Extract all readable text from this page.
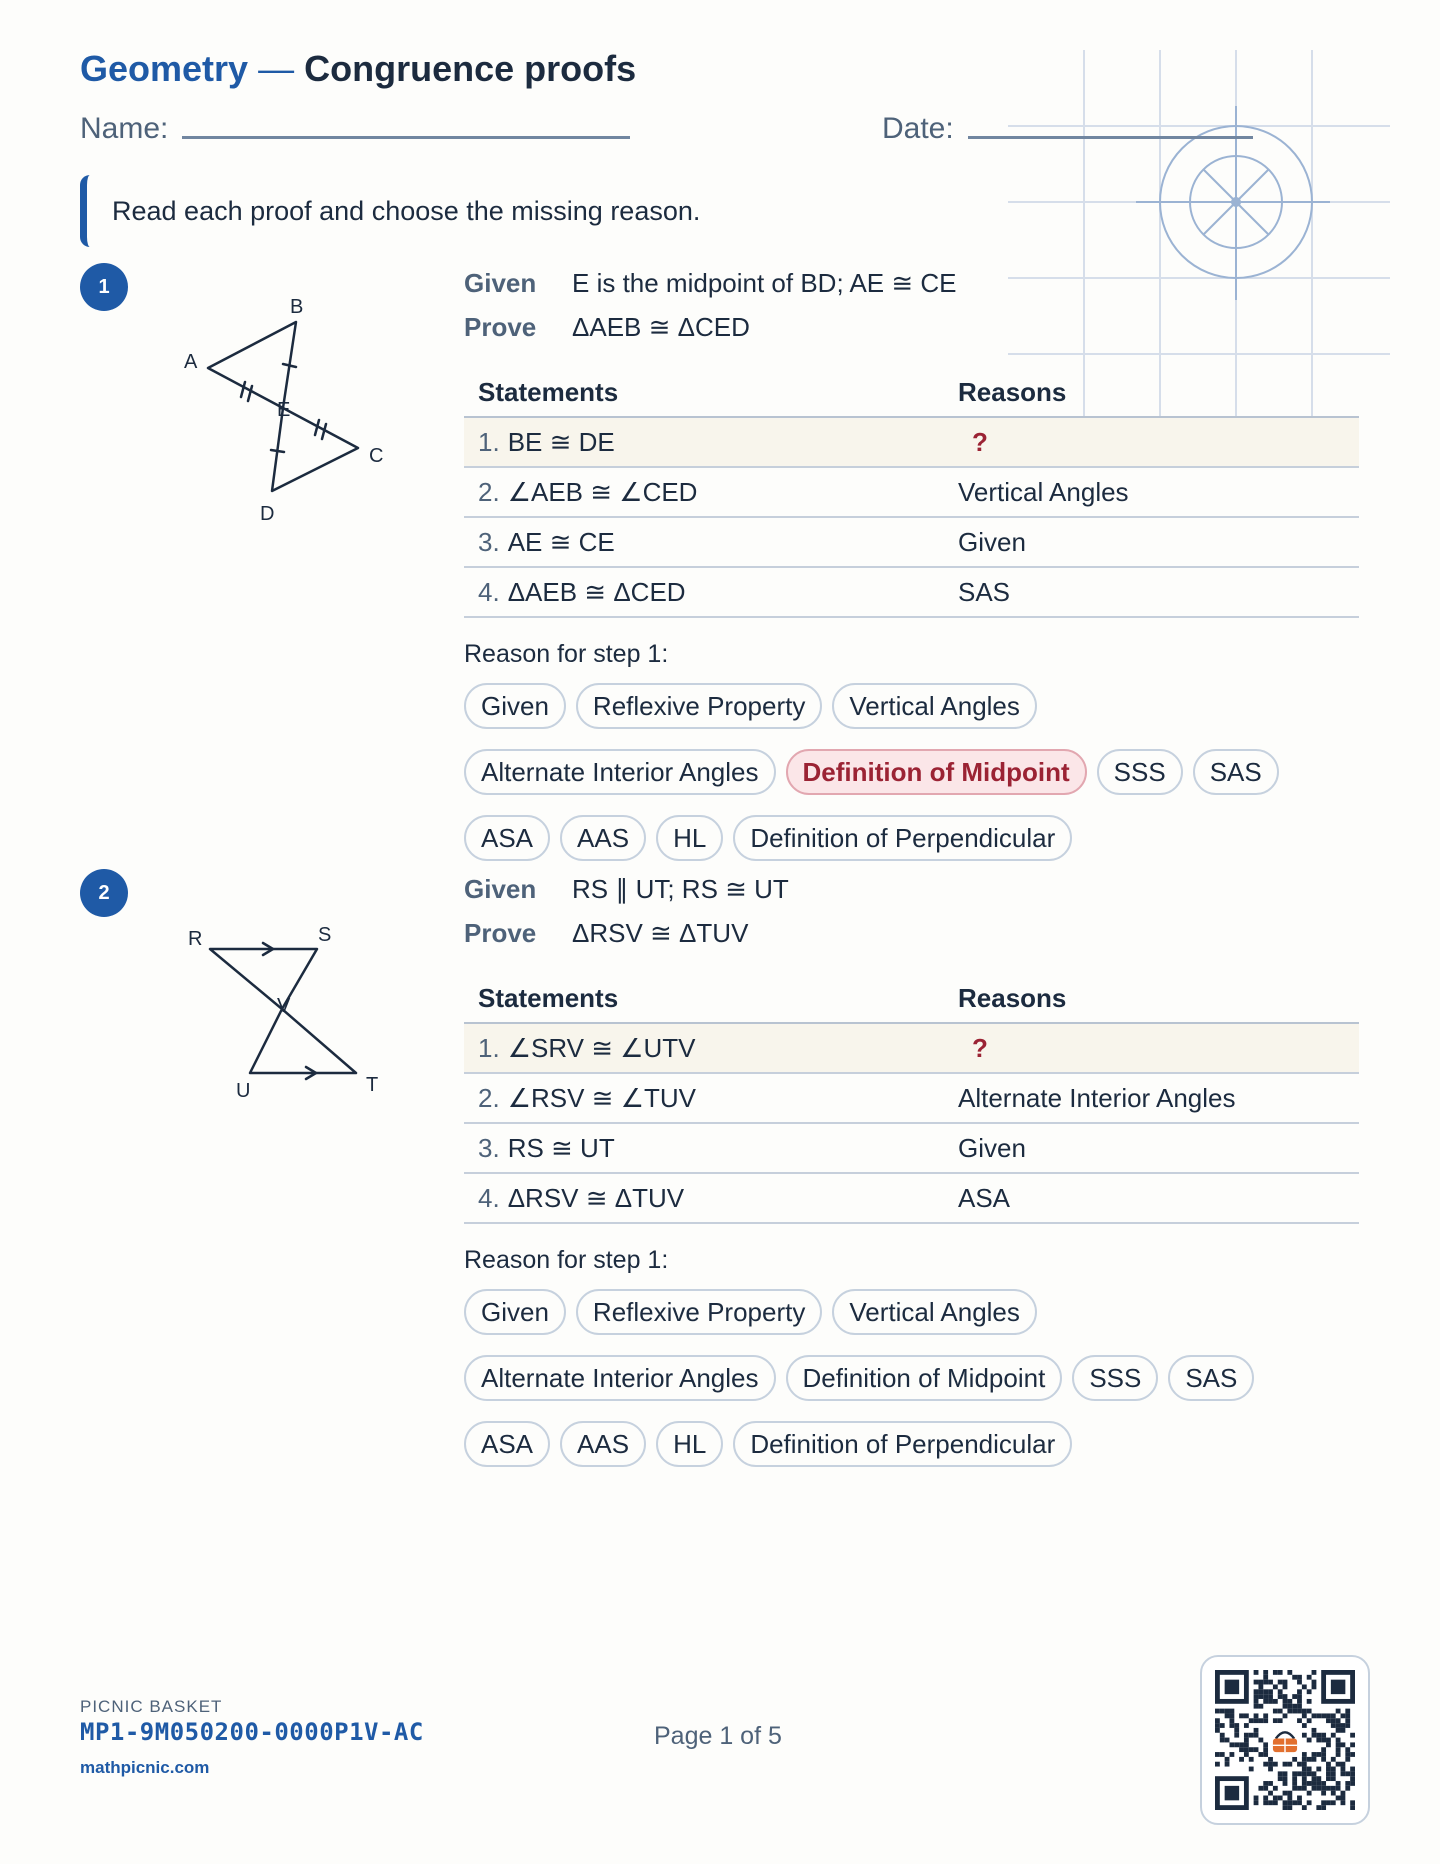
Geometry — Congruence proofs
Name:	Date:
Read each proof and choose the missing reason.
1
A
B
C
D
E
Given	E is the midpoint of BD; AE ≅ CE
Prove	ΔAEB ≅ ΔCED
Statements	Reasons
1. BE ≅ DE	?
2. ∠AEB ≅ ∠CED	Vertical Angles
3. AE ≅ CE	Given
4. ΔAEB ≅ ΔCED	SAS
Reason for step 1:
Given	Reflexive Property	Vertical Angles
Alternate Interior Angles	Definition of Midpoint	SSS	SAS
ASA	AAS	HL	Definition of Perpendicular
2
R	S
U	T
V
Given	RS ∥ UT; RS ≅ UT
Prove	ΔRSV ≅ ΔTUV
Statements	Reasons
1. ∠SRV ≅ ∠UTV	?
2. ∠RSV ≅ ∠TUV	Alternate Interior Angles
3. RS ≅ UT	Given
4. ΔRSV ≅ ΔTUV	ASA
Reason for step 1:
Given	Reflexive Property	Vertical Angles
Alternate Interior Angles	Definition of Midpoint	SSS	SAS
ASA	AAS	HL	Definition of Perpendicular
PICNIC BASKET
MP1-9M050200-0000P1V-AC
mathpicnic.com
Page 1 of 5
